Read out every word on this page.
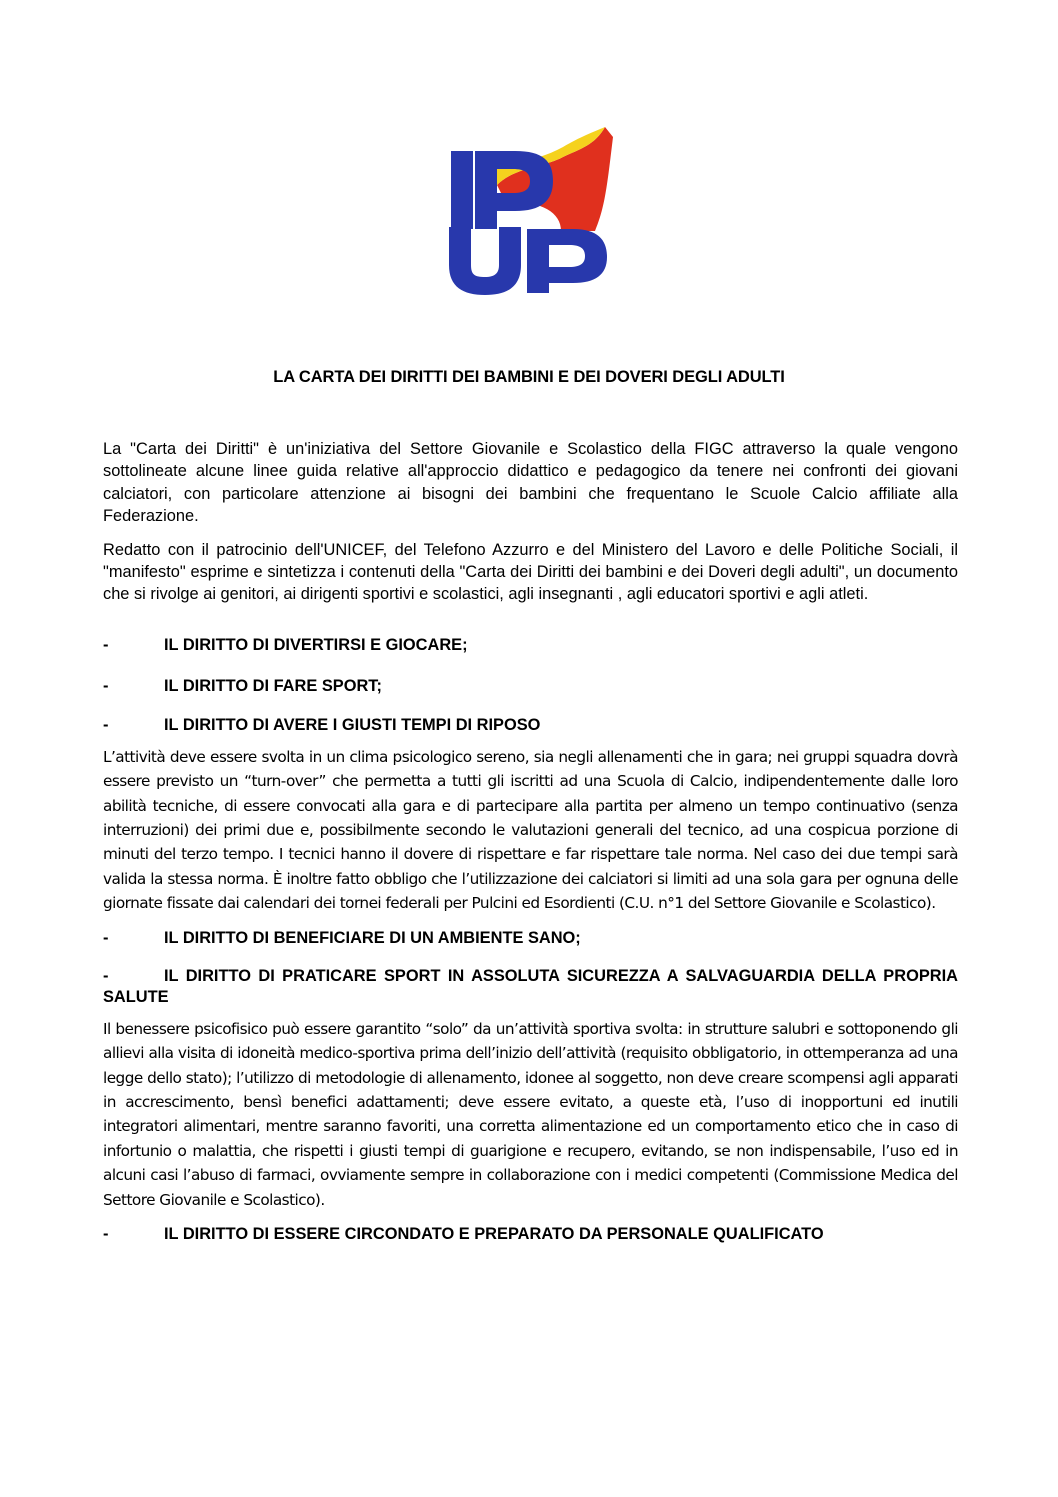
LA CARTA DEI DIRITTI DEI BAMBINI E DEI DOVERI DEGLI ADULTI

La "Carta dei Diritti" è un'iniziativa del Settore Giovanile e Scolastico della FIGC attraverso la quale vengono sottolineate alcune linee guida relative all'approccio didattico e pedagogico da tenere nei confronti dei giovani calciatori, con particolare attenzione ai bisogni dei bambini che frequentano le Scuole Calcio affiliate alla Federazione.

Redatto con il patrocinio dell'UNICEF, del Telefono Azzurro e del Ministero del Lavoro e delle Politiche Sociali, il "manifesto" esprime e sintetizza i contenuti della "Carta dei Diritti dei bambini e dei Doveri degli adulti", un documento che si rivolge ai genitori, ai dirigenti sportivi e scolastici, agli insegnanti , agli educatori sportivi e agli atleti.

-	IL DIRITTO DI DIVERTIRSI E GIOCARE;
-	IL DIRITTO DI FARE SPORT;
-	IL DIRITTO DI AVERE I GIUSTI TEMPI DI RIPOSO

L’attività deve essere svolta in un clima psicologico sereno, sia negli allenamenti che in gara; nei gruppi squadra dovrà essere previsto un “turn-over” che permetta a tutti gli iscritti ad una Scuola di Calcio, indipendentemente dalle loro abilità tecniche, di essere convocati alla gara e di partecipare alla partita per almeno un tempo continuativo (senza interruzioni) dei primi due e, possibilmente secondo le valutazioni generali del tecnico, ad una cospicua porzione di minuti del terzo tempo. I tecnici hanno il dovere di rispettare e far rispettare tale norma. Nel caso dei due tempi sarà valida la stessa norma. È inoltre fatto obbligo che l’utilizzazione dei calciatori si limiti ad una sola gara per ognuna delle giornate fissate dai calendari dei tornei federali per Pulcini ed Esordienti (C.U. n°1 del Settore Giovanile e Scolastico).

-	IL DIRITTO DI BENEFICIARE DI UN AMBIENTE SANO;

-	IL DIRITTO DI PRATICARE SPORT IN ASSOLUTA SICUREZZA A SALVAGUARDIA DELLA PROPRIA SALUTE

Il benessere psicofisico può essere garantito “solo” da un’attività sportiva svolta: in strutture salubri e sottoponendo gli allievi alla visita di idoneità medico-sportiva prima dell’inizio dell’attività (requisito obbligatorio, in ottemperanza ad una legge dello stato); l’utilizzo di metodologie di allenamento, idonee al soggetto, non deve creare scompensi agli apparati in accrescimento, bensì benefici adattamenti; deve essere evitato, a queste età, l’uso di inopportuni ed inutili integratori alimentari, mentre saranno favoriti, una corretta alimentazione ed un comportamento etico che in caso di infortunio o malattia, che rispetti i giusti tempi di guarigione e recupero, evitando, se non indispensabile, l’uso ed in alcuni casi l’abuso di farmaci, ovviamente sempre in collaborazione con i medici competenti (Commissione Medica del Settore Giovanile e Scolastico).

-	IL DIRITTO DI ESSERE CIRCONDATO E PREPARATO DA PERSONALE QUALIFICATO
